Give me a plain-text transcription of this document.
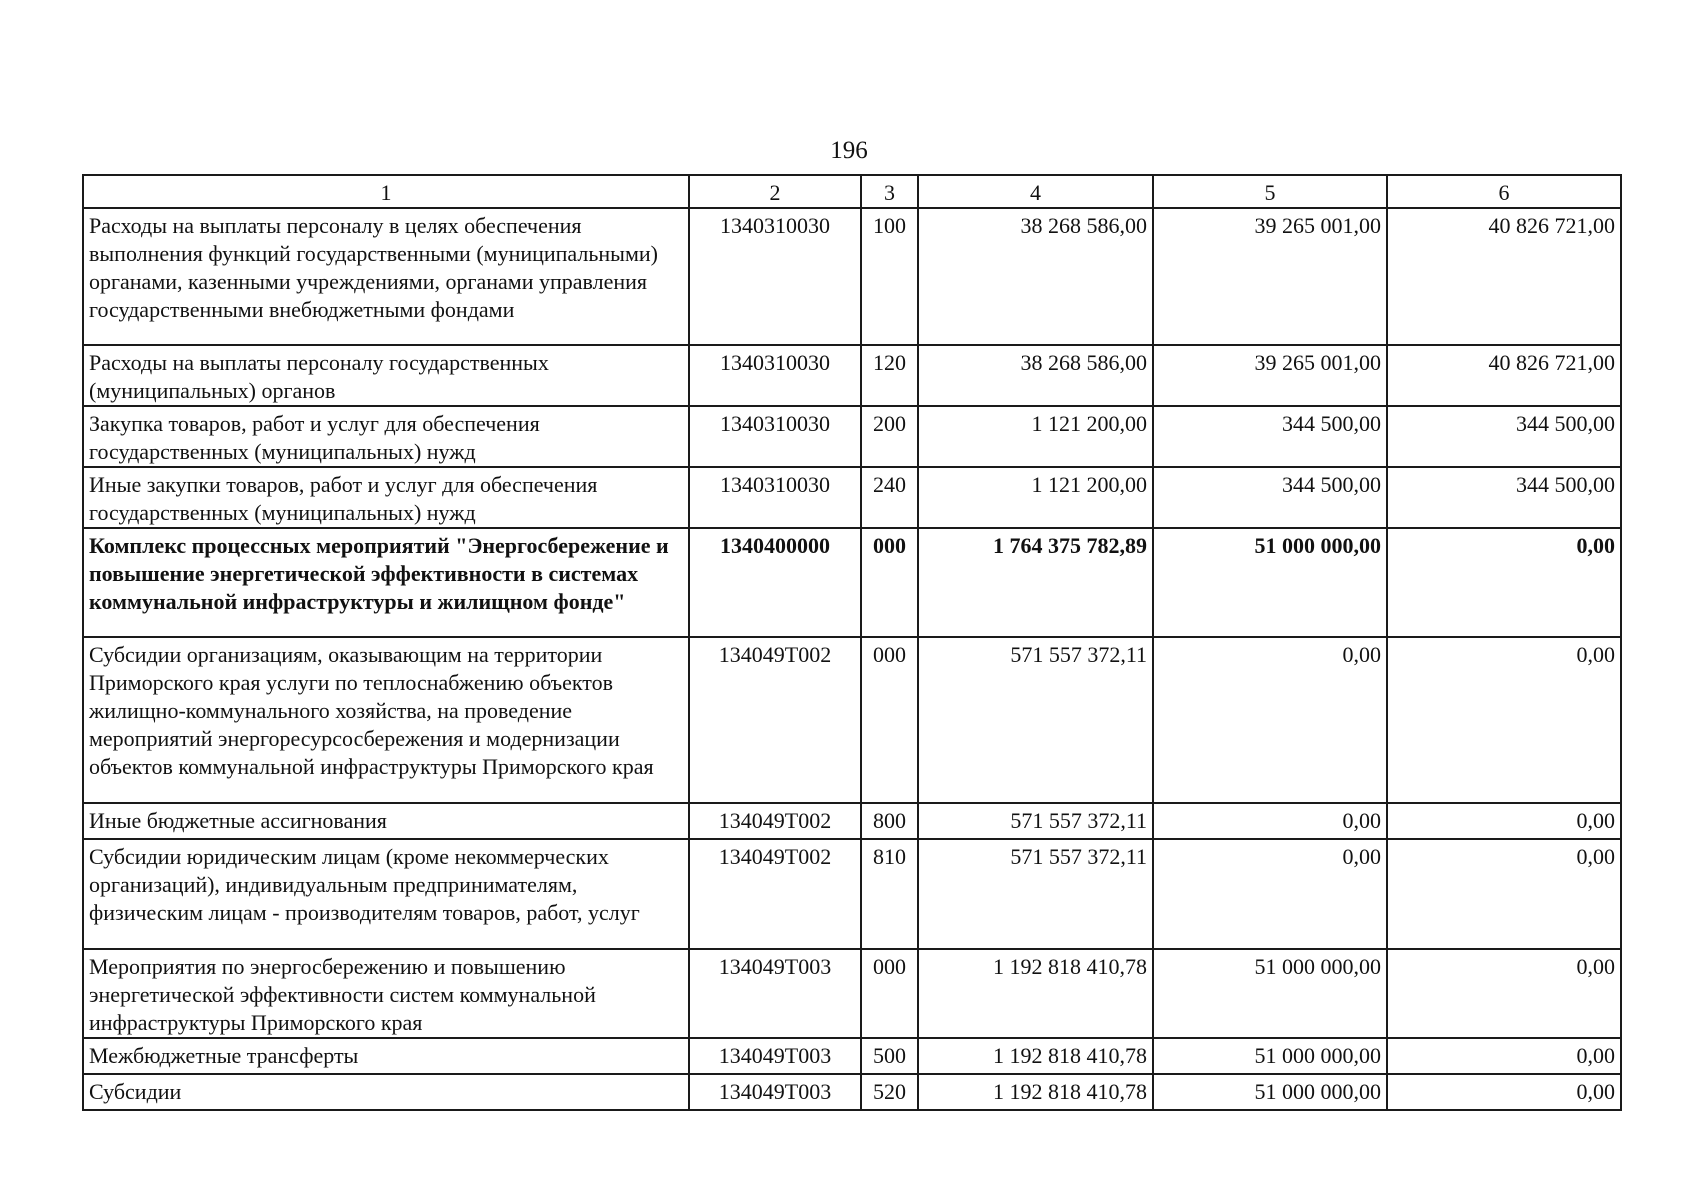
196
1	2	3	4	5	6
Расходы на выплаты персоналу в целях обеспечения выполнения функций государственными (муниципальными) органами, казенными учреждениями, органами управления государственными внебюджетными фондами	1340310030	100	38 268 586,00	39 265 001,00	40 826 721,00
Расходы на выплаты персоналу государственных (муниципальных) органов	1340310030	120	38 268 586,00	39 265 001,00	40 826 721,00
Закупка товаров, работ и услуг для обеспечения государственных (муниципальных) нужд	1340310030	200	1 121 200,00	344 500,00	344 500,00
Иные закупки товаров, работ и услуг для обеспечения государственных (муниципальных) нужд	1340310030	240	1 121 200,00	344 500,00	344 500,00
Комплекс процессных мероприятий "Энергосбережение и повышение энергетической эффективности в системах коммунальной инфраструктуры и жилищном фонде"	1340400000	000	1 764 375 782,89	51 000 000,00	0,00
Субсидии организациям, оказывающим на территории Приморского края услуги по теплоснабжению объектов жилищно-коммунального хозяйства, на проведение мероприятий энергоресурсосбережения и модернизации объектов коммунальной инфраструктуры Приморского края	134049Т002	000	571 557 372,11	0,00	0,00
Иные бюджетные ассигнования	134049Т002	800	571 557 372,11	0,00	0,00
Субсидии юридическим лицам (кроме некоммерческих организаций), индивидуальным предпринимателям, физическим лицам - производителям товаров, работ, услуг	134049Т002	810	571 557 372,11	0,00	0,00
Мероприятия по энергосбережению и повышению энергетической эффективности систем коммунальной инфраструктуры Приморского края	134049Т003	000	1 192 818 410,78	51 000 000,00	0,00
Межбюджетные трансферты	134049Т003	500	1 192 818 410,78	51 000 000,00	0,00
Субсидии	134049Т003	520	1 192 818 410,78	51 000 000,00	0,00
